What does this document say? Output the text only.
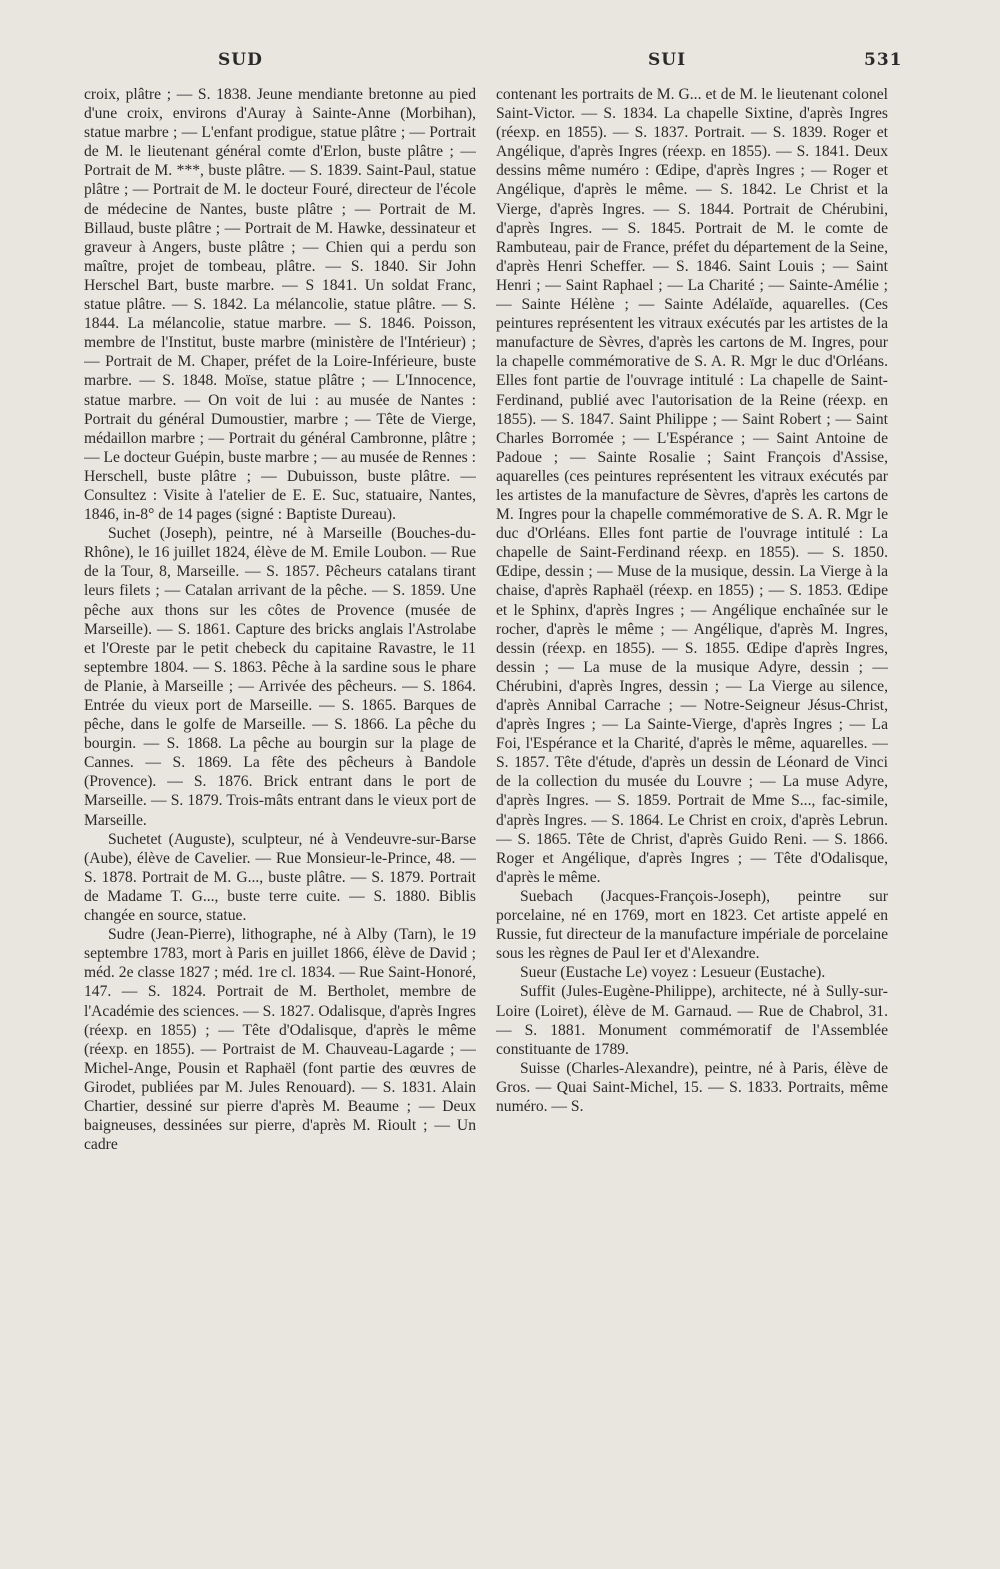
SUD	SUI	531

croix, plâtre ; — S. 1838. Jeune mendiante bretonne au pied d'une croix, environs d'Auray à Sainte-Anne (Morbihan), statue marbre ; — L'enfant prodigue, statue plâtre ; — Portrait de M. le lieutenant général comte d'Erlon, buste plâtre ; — Portrait de M. ***, buste plâtre. — S. 1839. Saint-Paul, statue plâtre ; — Portrait de M. le docteur Fouré, directeur de l'école de médecine de Nantes, buste plâtre ; — Portrait de M. Billaud, buste plâtre ; — Portrait de M. Hawke, dessinateur et graveur à Angers, buste plâtre ; — Chien qui a perdu son maître, projet de tombeau, plâtre. — S. 1840. Sir John Herschel Bart, buste marbre. — S 1841. Un soldat Franc, statue plâtre. — S. 1842. La mélancolie, statue plâtre. — S. 1844. La mélancolie, statue marbre. — S. 1846. Poisson, membre de l'Institut, buste marbre (ministère de l'Intérieur) ; — Portrait de M. Chaper, préfet de la Loire-Inférieure, buste marbre. — S. 1848. Moïse, statue plâtre ; — L'Innocence, statue marbre. — On voit de lui : au musée de Nantes : Portrait du général Dumoustier, marbre ; — Tête de Vierge, médaillon marbre ; — Portrait du général Cambronne, plâtre ; — Le docteur Guépin, buste marbre ; — au musée de Rennes : Herschell, buste plâtre ; — Dubuisson, buste plâtre. — Consultez : Visite à l'atelier de E. E. Suc, statuaire, Nantes, 1846, in-8° de 14 pages (signé : Baptiste Dureau).

Suchet (Joseph), peintre, né à Marseille (Bouches-du-Rhône), le 16 juillet 1824, élève de M. Emile Loubon. — Rue de la Tour, 8, Marseille. — S. 1857. Pêcheurs catalans tirant leurs filets ; — Catalan arrivant de la pêche. — S. 1859. Une pêche aux thons sur les côtes de Provence (musée de Marseille). — S. 1861. Capture des bricks anglais l'Astrolabe et l'Oreste par le petit chebeck du capitaine Ravastre, le 11 septembre 1804. — S. 1863. Pêche à la sardine sous le phare de Planie, à Marseille ; — Arrivée des pêcheurs. — S. 1864. Entrée du vieux port de Marseille. — S. 1865. Barques de pêche, dans le golfe de Marseille. — S. 1866. La pêche du bourgin. — S. 1868. La pêche au bourgin sur la plage de Cannes. — S. 1869. La fête des pêcheurs à Bandole (Provence). — S. 1876. Brick entrant dans le port de Marseille. — S. 1879. Trois-mâts entrant dans le vieux port de Marseille.

Suchetet (Auguste), sculpteur, né à Vendeuvre-sur-Barse (Aube), élève de Cavelier. — Rue Monsieur-le-Prince, 48. — S. 1878. Portrait de M. G..., buste plâtre. — S. 1879. Portrait de Madame T. G..., buste terre cuite. — S. 1880. Biblis changée en source, statue.

Sudre (Jean-Pierre), lithographe, né à Alby (Tarn), le 19 septembre 1783, mort à Paris en juillet 1866, élève de David ; méd. 2e classe 1827 ; méd. 1re cl. 1834. — Rue Saint-Honoré, 147. — S. 1824. Portrait de M. Bertholet, membre de l'Académie des sciences. — S. 1827. Odalisque, d'après Ingres (réexp. en 1855) ; — Tête d'Odalisque, d'après le même (réexp. en 1855). — Portraist de M. Chauveau-Lagarde ; — Michel-Ange, Pousin et Raphaël (font partie des œuvres de Girodet, publiées par M. Jules Renouard). — S. 1831. Alain Chartier, dessiné sur pierre d'après M. Beaume ; — Deux baigneuses, dessinées sur pierre, d'après M. Rioult ; — Un cadre

contenant les portraits de M. G... et de M. le lieutenant colonel Saint-Victor. — S. 1834. La chapelle Sixtine, d'après Ingres (réexp. en 1855). — S. 1837. Portrait. — S. 1839. Roger et Angélique, d'après Ingres (réexp. en 1855). — S. 1841. Deux dessins même numéro : Œdipe, d'après Ingres ; — Roger et Angélique, d'après le même. — S. 1842. Le Christ et la Vierge, d'après Ingres. — S. 1844. Portrait de Chérubini, d'après Ingres. — S. 1845. Portrait de M. le comte de Rambuteau, pair de France, préfet du département de la Seine, d'après Henri Scheffer. — S. 1846. Saint Louis ; — Saint Henri ; — Saint Raphael ; — La Charité ; — Sainte-Amélie ; — Sainte Hélène ; — Sainte Adélaïde, aquarelles. (Ces peintures représentent les vitraux exécutés par les artistes de la manufacture de Sèvres, d'après les cartons de M. Ingres, pour la chapelle commémorative de S. A. R. Mgr le duc d'Orléans. Elles font partie de l'ouvrage intitulé : La chapelle de Saint-Ferdinand, publié avec l'autorisation de la Reine (réexp. en 1855). — S. 1847. Saint Philippe ; — Saint Robert ; — Saint Charles Borromée ; — L'Espérance ; — Saint Antoine de Padoue ; — Sainte Rosalie ; Saint François d'Assise, aquarelles (ces peintures représentent les vitraux exécutés par les artistes de la manufacture de Sèvres, d'après les cartons de M. Ingres pour la chapelle commémorative de S. A. R. Mgr le duc d'Orléans. Elles font partie de l'ouvrage intitulé : La chapelle de Saint-Ferdinand réexp. en 1855). — S. 1850. Œdipe, dessin ; — Muse de la musique, dessin. La Vierge à la chaise, d'après Raphaël (réexp. en 1855) ; — S. 1853. Œdipe et le Sphinx, d'après Ingres ; — Angélique enchaînée sur le rocher, d'après le même ; — Angélique, d'après M. Ingres, dessin (réexp. en 1855). — S. 1855. Œdipe d'après Ingres, dessin ; — La muse de la musique Adyre, dessin ; — Chérubini, d'après Ingres, dessin ; — La Vierge au silence, d'après Annibal Carrache ; — Notre-Seigneur Jésus-Christ, d'après Ingres ; — La Sainte-Vierge, d'après Ingres ; — La Foi, l'Espérance et la Charité, d'après le même, aquarelles. — S. 1857. Tête d'étude, d'après un dessin de Léonard de Vinci de la collection du musée du Louvre ; — La muse Adyre, d'après Ingres. — S. 1859. Portrait de Mme S..., fac-simile, d'après Ingres. — S. 1864. Le Christ en croix, d'après Lebrun. — S. 1865. Tête de Christ, d'après Guido Reni. — S. 1866. Roger et Angélique, d'après Ingres ; — Tête d'Odalisque, d'après le même.

Suebach (Jacques-François-Joseph), peintre sur porcelaine, né en 1769, mort en 1823. Cet artiste appelé en Russie, fut directeur de la manufacture impériale de porcelaine sous les règnes de Paul Ier et d'Alexandre.

Sueur (Eustache Le) voyez : Lesueur (Eustache).

Suffit (Jules-Eugène-Philippe), architecte, né à Sully-sur-Loire (Loiret), élève de M. Garnaud. — Rue de Chabrol, 31. — S. 1881. Monument commémoratif de l'Assemblée constituante de 1789.

Suisse (Charles-Alexandre), peintre, né à Paris, élève de Gros. — Quai Saint-Michel, 15. — S. 1833. Portraits, même numéro. — S.
